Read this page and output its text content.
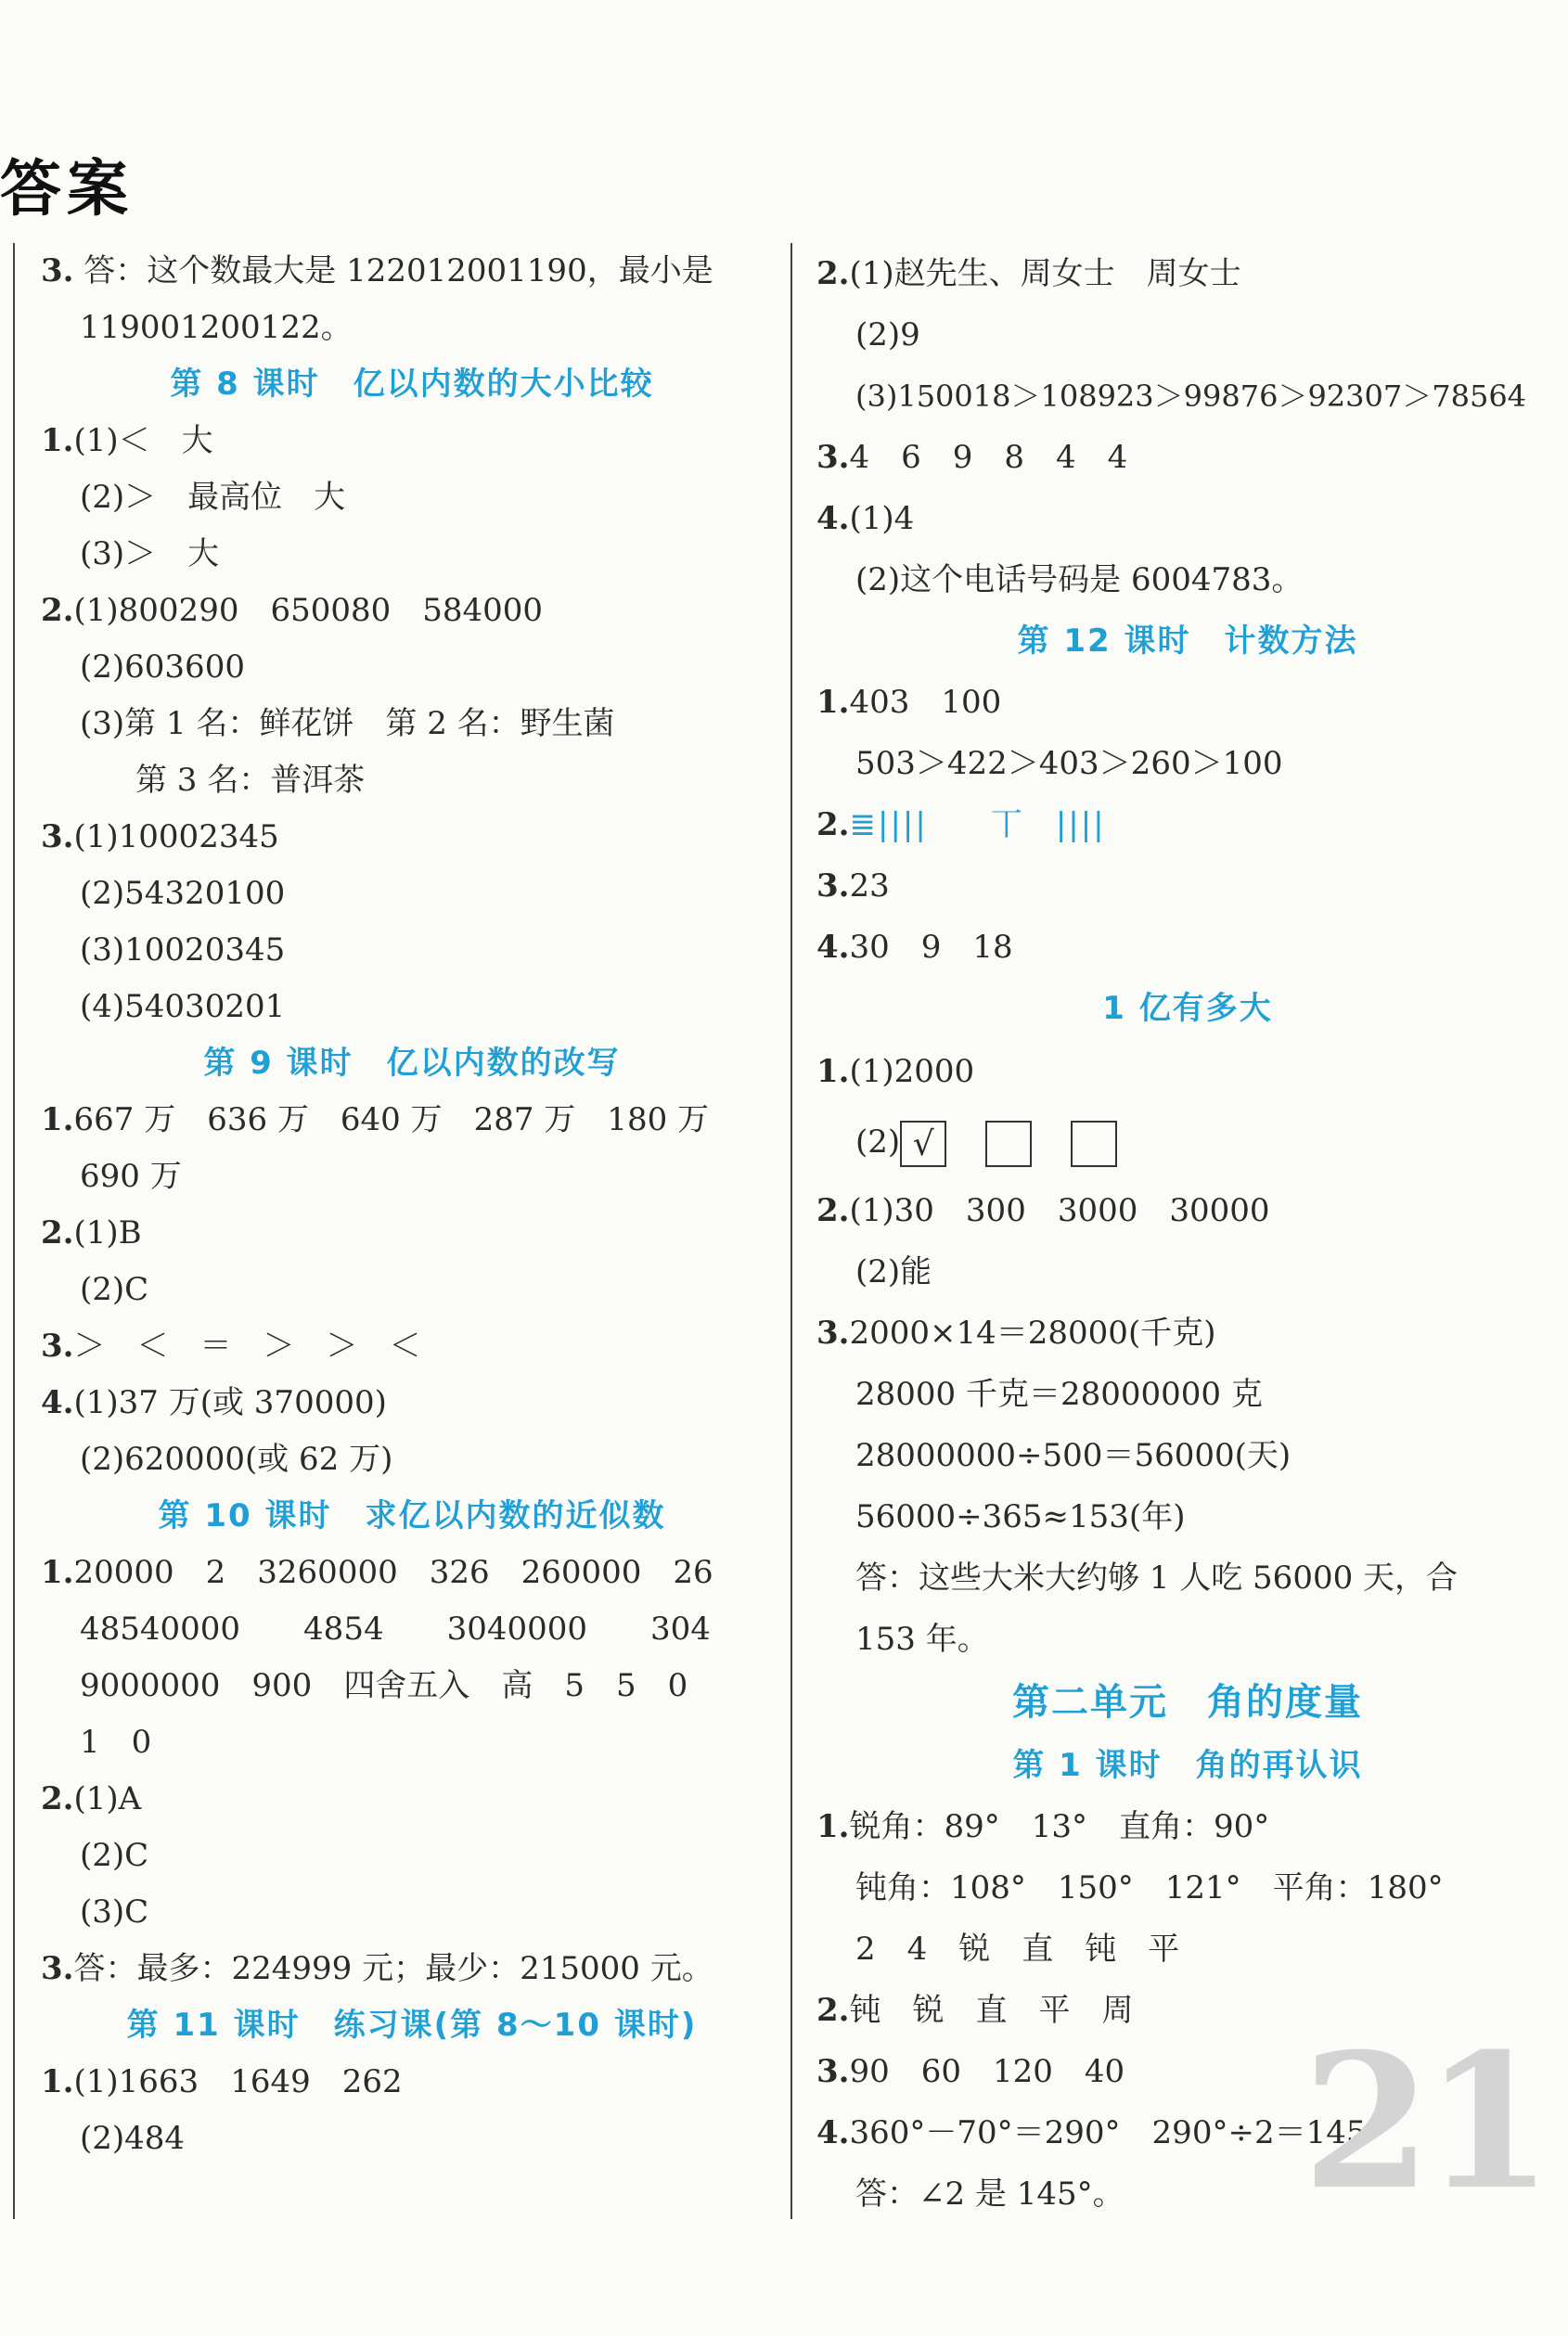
答案
3. 答：这个数最大是 122012001190，最小是
119001200122。
第 8 课时　亿以内数的大小比较
1.(1)＜　大
(2)＞　最高位　大
(3)＞　大
2.(1)800290　650080　584000
(2)603600
(3)第 1 名：鲜花饼　第 2 名：野生菌
第 3 名：普洱茶
3.(1)10002345
(2)54320100
(3)10020345
(4)54030201
第 9 课时　亿以内数的改写
1.667 万　636 万　640 万　287 万　180 万
690 万
2.(1)B
(2)C
3.＞　＜　＝　＞　＞　＜
4.(1)37 万(或 370000)
(2)620000(或 62 万)
第 10 课时　求亿以内数的近似数
1.20000　2　3260000　326　260000　26
48540000　　4854　　3040000　　304
9000000　900　四舍五入　高　5　5　0
1　0
2.(1)A
(2)C
(3)C
3.答：最多：224999 元；最少：215000 元。
第 11 课时　练习课(第 8～10 课时)
1.(1)1663　1649　262
(2)484
2.(1)赵先生、周女士　周女士
(2)9
(3)150018＞108923＞99876＞92307＞78564
3.4　6　9　8　4　4
4.(1)4
(2)这个电话号码是 6004783。
第 12 课时　计数方法
1.403　100
503＞422＞403＞260＞100
2.≣||||　　 丅　 ||||
3.23
4.30　9　18
1 亿有多大
1.(1)2000
(2) √
2.(1)30　300　3000　30000
(2)能
3.2000×14＝28000(千克)
28000 千克＝28000000 克
28000000÷500＝56000(天)
56000÷365≈153(年)
答：这些大米大约够 1 人吃 56000 天，合
153 年。
第二单元　角的度量
第 1 课时　角的再认识
1.锐角：89°　13°　直角：90°
钝角：108°　150°　121°　平角：180°
2　4　锐　直　钝　平
2.钝　锐　直　平　周
3.90　60　120　40
4.360°－70°＝290°　290°÷2＝145°
答：∠2 是 145°。 21
